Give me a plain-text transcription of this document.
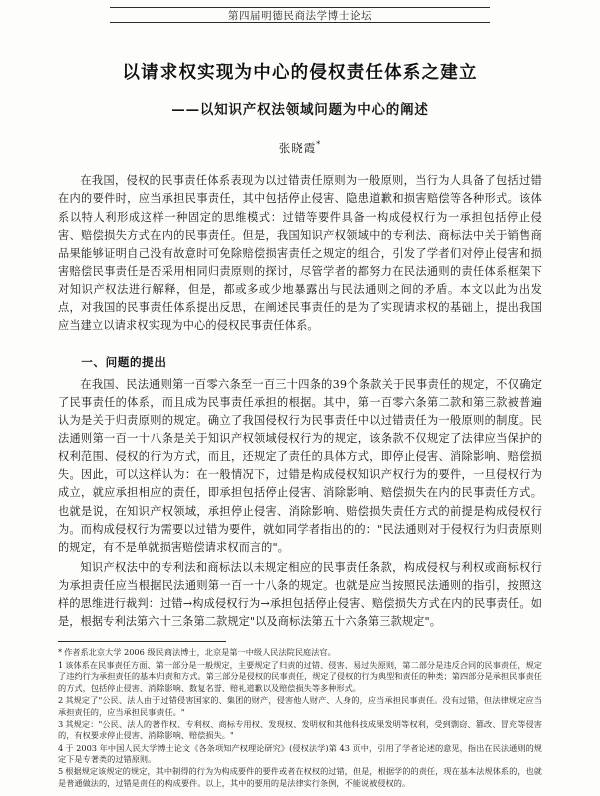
第四届明德民商法学博士论坛
以请求权实现为中心的侵权责任体系之建立
——以知识产权法领域问题为中心的阐述
张晓霞*
在我国，侵权的民事责任体系表现为以过错责任原则为一般原则，当行为人具备了包括过错在内的要件时，应当承担民事责任，其中包括停止侵害、隐患道歉和损害赔偿等各种形式。该体系以特人利形成这样一种固定的思维模式：过错等要件具备一构成侵权行为一承担包括停止侵害、赔偿损失方式在内的民事责任。但是，我国知识产权领域中的专利法、商标法中关于销售商品果能够证明自己没有故意时可免除赔偿损害责任之规定的组合，引发了学者们对停止侵害和损害赔偿民事责任是否采用相同归责原则的探讨，尽管学者的都努力在民法通则的责任体系框架下对知识产权法进行解释，但是，都或多或少地暴露出与民法通则之间的矛盾。本文以此为出发点，对我国的民事责任体系提出反思，在阐述民事责任的是为了实现请求权的基础上，提出我国应当建立以请求权实现为中心的侵权民事责任体系。
一、问题的提出

在我国、民法通则第一百零六条至一百三十四条的39个条款关于民事责任的规定，不仅确定了民事责任的体系，而且成为民事责任承担的根据。其中，第一百零六条第二款和第三款被普遍认为是关于归责原则的规定。确立了我国侵权行为民事责任中以过错责任为一般原则的制度。民法通则第一百一十八条是关于知识产权领域侵权行为的规定，该条款不仅规定了法律应当保护的权利范围、侵权的行为方式，而且，还规定了责任的具体方式，即停止侵害、消除影响、赔偿损失。因此，可以这样认为：在一般情况下，过错是构成侵权知识产权行为的要件，一旦侵权行为成立，就应承担相应的责任，即承担包括停止侵害、消除影响、赔偿损失在内的民事责任方式。也就是说，在知识产权领域，承担停止侵害、消除影响、赔偿损失责任方式的前提是构成侵权行为。而构成侵权行为需要以过错为要件，就如同学者指出的的："民法通则对于侵权行为归责原则的规定，有不是单就损害赔偿请求权而言的"。

知识产权法中的专利法和商标法以未规定相应的民事责任条款，构成侵权与利权或商标权行为承担责任应当根据民法通则第一百一十八条的规定。也就是应当按照民法通则的指引，按照这样的思维进行裁判：过错→构成侵权行为→承担包括停止侵害、赔偿损失方式在内的民事责任。如是，根据专利法第六十三条第二款规定"以及商标法第五十六条第三款规定"。

* 作者系北京大学 2006 级民商法博士，北京是第一中级人民法院民庭法官。
1 该体系在民事责任方面、第一部分是一般规定，主要规定了归责的过错、侵害、易过失原则，第二部分是违反合同的民事责任，规定了违约行为承担责任的基本归责和方式。第三部分是侵权的民事责任，规定了侵权的行为典型和责任的种类；第四部分是承担民事责任的方式，包括停止侵害、消除影响、数复名誉、赔礼道歉以及赔偿损失等多种形式。
2 其规定了"公民、法人由于过错侵害国家的、集团的财产，侵害他人财产、人身的，应当承担民事责任。没有过错，但法律规定应当承担责任的，应当承担民事责任。"
3 其规定："公民、法人的著作权、专利权、商标专用权、发现权、发明权和其他科技成果发明等权利，受到剽窃、篡改、冒充等侵害的，有权要求停止侵害、消除影响、赔偿损失。"
4 于 2003 年中国人民大学博士论文《各条项知产权理论研究》(侵权法学)第 43 页中，引用了学者论述的意见，指出在民法通则的规定下是专著类的过错原则。
5 根据规定该规定的规定，其中制得的行为为构成要件的要件或者在权权的过错，但是，根据学的的责任，现在基本法规体系的，也就是普通做法的，过错是责任的构成要件。以上，其中的要用的是法律实行条例，不能说被侵权的。
